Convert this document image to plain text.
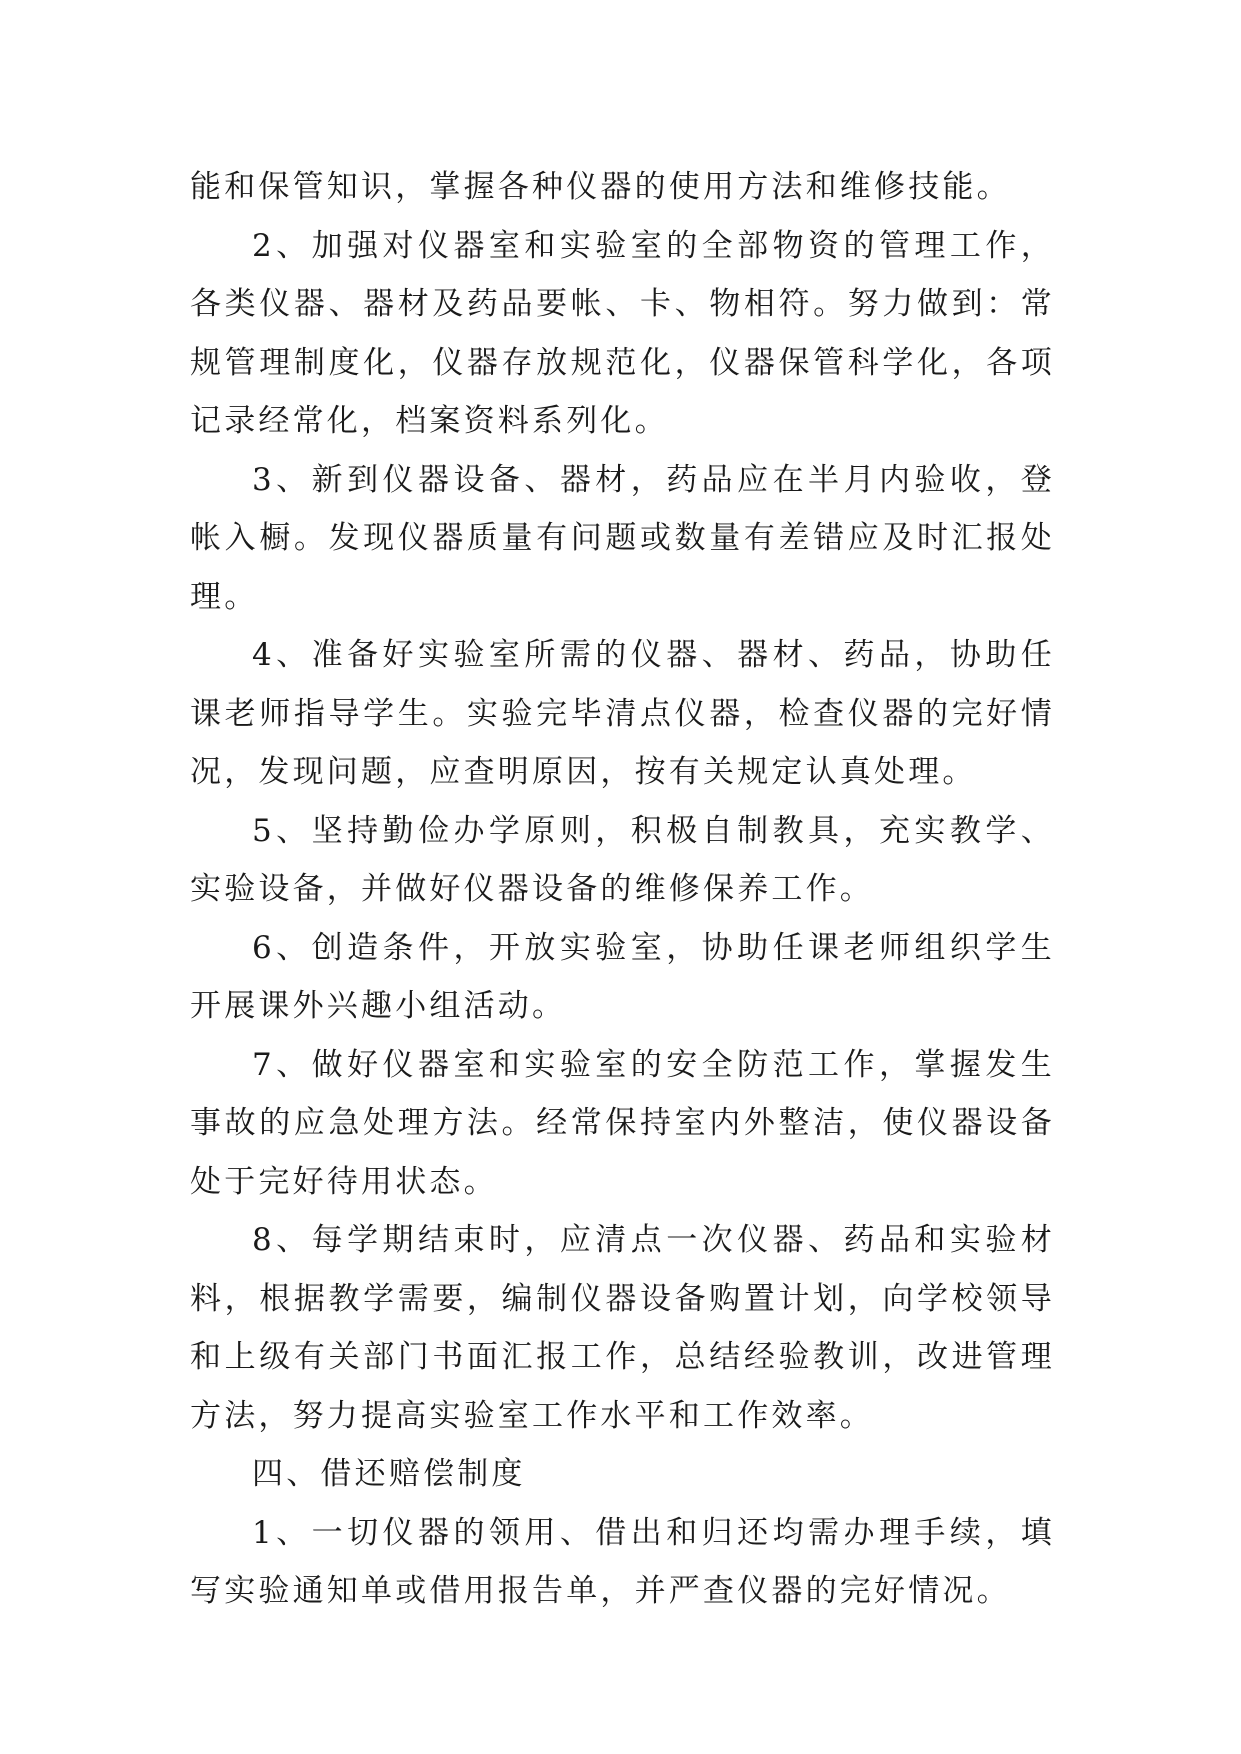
能和保管知识，掌握各种仪器的使用方法和维修技能。

2、加强对仪器室和实验室的全部物资的管理工作，各类仪器、器材及药品要帐、卡、物相符。努力做到：常规管理制度化，仪器存放规范化，仪器保管科学化，各项记录经常化，档案资料系列化。

3、新到仪器设备、器材，药品应在半月内验收，登帐入橱。发现仪器质量有问题或数量有差错应及时汇报处理。

4、准备好实验室所需的仪器、器材、药品，协助任课老师指导学生。实验完毕清点仪器，检查仪器的完好情况，发现问题，应查明原因，按有关规定认真处理。

5、坚持勤俭办学原则，积极自制教具，充实教学、实验设备，并做好仪器设备的维修保养工作。

6、创造条件，开放实验室，协助任课老师组织学生开展课外兴趣小组活动。

7、做好仪器室和实验室的安全防范工作，掌握发生事故的应急处理方法。经常保持室内外整洁，使仪器设备处于完好待用状态。

8、每学期结束时，应清点一次仪器、药品和实验材料，根据教学需要，编制仪器设备购置计划，向学校领导和上级有关部门书面汇报工作，总结经验教训，改进管理方法，努力提高实验室工作水平和工作效率。

四、借还赔偿制度

1、一切仪器的领用、借出和归还均需办理手续，填写实验通知单或借用报告单，并严查仪器的完好情况。
